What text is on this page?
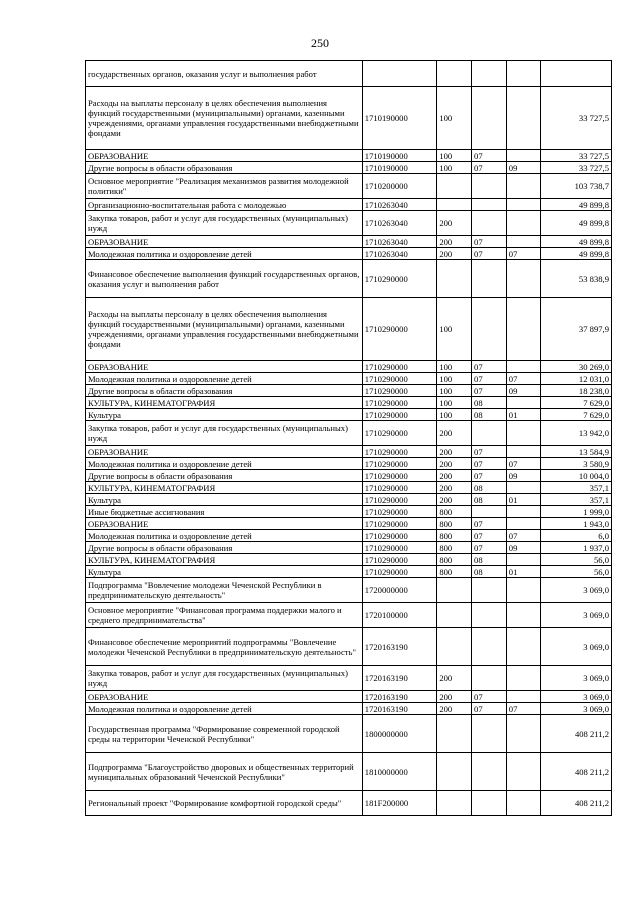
250
государственных органов, оказания услуг и выполнения работ					
Расходы на выплаты персоналу в целях обеспечения выполнения функций государственными (муниципальными) органами, казенными учреждениями, органами управления государственными внебюджетными фондами	1710190000	100			33 727,5
ОБРАЗОВАНИЕ	1710190000	100	07		33 727,5
Другие вопросы в области образования	1710190000	100	07	09	33 727,5
Основное мероприятие "Реализация механизмов развития молодежной политики"	1710200000				103 738,7
Организационно-воспитательная работа с молодежью	1710263040				49 899,8
Закупка товаров, работ и услуг для государственных (муниципальных) нужд	1710263040	200			49 899,8
ОБРАЗОВАНИЕ	1710263040	200	07		49 899,8
Молодежная политика и оздоровление детей	1710263040	200	07	07	49 899,8
Финансовое обеспечение выполнения функций государственных органов, оказания услуг и выполнения работ	1710290000				53 838,9
Расходы на выплаты персоналу в целях обеспечения выполнения функций государственными (муниципальными) органами, казенными учреждениями, органами управления государственными внебюджетными фондами	1710290000	100			37 897,9
ОБРАЗОВАНИЕ	1710290000	100	07		30 269,0
Молодежная политика и оздоровление детей	1710290000	100	07	07	12 031,0
Другие вопросы в области образования	1710290000	100	07	09	18 238,0
КУЛЬТУРА, КИНЕМАТОГРАФИЯ	1710290000	100	08		7 629,0
Культура	1710290000	100	08	01	7 629,0
Закупка товаров, работ и услуг для государственных (муниципальных) нужд	1710290000	200			13 942,0
ОБРАЗОВАНИЕ	1710290000	200	07		13 584,9
Молодежная политика и оздоровление детей	1710290000	200	07	07	3 580,9
Другие вопросы в области образования	1710290000	200	07	09	10 004,0
КУЛЬТУРА, КИНЕМАТОГРАФИЯ	1710290000	200	08		357,1
Культура	1710290000	200	08	01	357,1
Иные бюджетные ассигнования	1710290000	800			1 999,0
ОБРАЗОВАНИЕ	1710290000	800	07		1 943,0
Молодежная политика и оздоровление детей	1710290000	800	07	07	6,0
Другие вопросы в области образования	1710290000	800	07	09	1 937,0
КУЛЬТУРА, КИНЕМАТОГРАФИЯ	1710290000	800	08		56,0
Культура	1710290000	800	08	01	56,0
Подпрограмма "Вовлечение молодежи Чеченской Республики в предпринимательскую деятельность"	1720000000				3 069,0
Основное мероприятие "Финансовая программа поддержки малого и среднего предпринимательства"	1720100000				3 069,0
Финансовое обеспечение мероприятий подпрограммы "Вовлечение молодежи Чеченской Республики в предпринимательскую деятельность"	1720163190				3 069,0
Закупка товаров, работ и услуг для государственных (муниципальных) нужд	1720163190	200			3 069,0
ОБРАЗОВАНИЕ	1720163190	200	07		3 069,0
Молодежная политика и оздоровление детей	1720163190	200	07	07	3 069,0
Государственная программа "Формирование современной городской среды на территории Чеченской Республики"	1800000000				408 211,2
Подпрограмма "Благоустройство дворовых и общественных территорий муниципальных образований Чеченской Республики"	1810000000				408 211,2
Региональный проект "Формирование комфортной городской среды"	181F200000				408 211,2
